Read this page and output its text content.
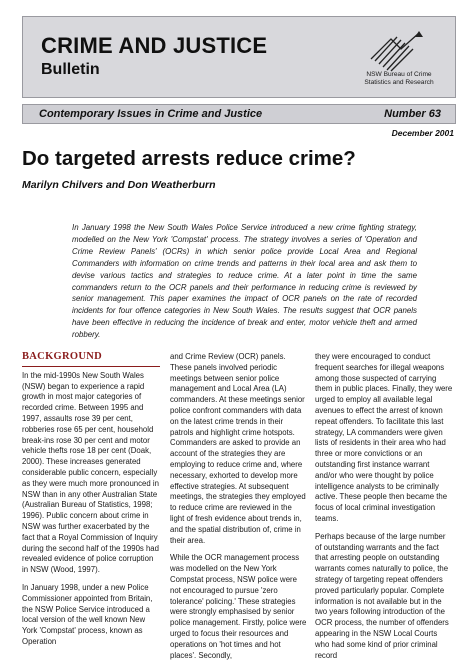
CRIME AND JUSTICE
Bulletin	NSW Bureau of Crime
Statistics and Research
Contemporary Issues in Crime and Justice	Number 63
December 2001
Do targeted arrests reduce crime?
Marilyn Chilvers and Don Weatherburn
In January 1998 the New South Wales Police Service introduced a new crime fighting strategy, modelled on the New York 'Compstat' process. The strategy involves a series of 'Operation and Crime Review Panels' (OCRs) in which senior police provide Local Area and Regional Commanders with information on crime trends and patterns in their local area and ask them to devise various tactics and strategies to reduce crime. At a later point in time the same commanders return to the OCR panels and their performance in reducing crime is reviewed by senior management. This paper examines the impact of OCR panels on the rate of recorded incidents for four offence categories in New South Wales. The results suggest that OCR panels have been effective in reducing the incidence of break and enter, motor vehicle theft and armed robbery.
BACKGROUND

In the mid-1990s New South Wales (NSW) began to experience a rapid growth in most major categories of recorded crime. Between 1995 and 1997, assaults rose 39 per cent, robberies rose 65 per cent, household break-ins rose 30 per cent and motor vehicle thefts rose 18 per cent (Doak, 2000). These increases generated considerable public concern, especially as they were much more pronounced in NSW than in any other Australian State (Australian Bureau of Statistics, 1998; 1996). Public concern about crime in NSW was further exacerbated by the fact that a Royal Commission of Inquiry during the second half of the 1990s had revealed evidence of police corruption in NSW (Wood, 1997).

In January 1998, under a new Police Commissioner appointed from Britain, the NSW Police Service introduced a local version of the well known New York 'Compstat' process, known as Operation

and Crime Review (OCR) panels. These panels involved periodic meetings between senior police management and Local Area (LA) commanders. At these meetings senior police confront commanders with data on the latest crime trends in their patrols and highlight crime hotspots. Commanders are asked to provide an account of the strategies they are employing to reduce crime and, where necessary, exhorted to develop more effective strategies. At subsequent meetings, the strategies they employed to reduce crime are reviewed in the light of fresh evidence about trends in, and the spatial distribution of, crime in their area.

While the OCR management process was modelled on the New York Compstat process, NSW police were not encouraged to pursue 'zero tolerance' policing.' These strategies were strongly emphasised by senior police management. Firstly, police were urged to focus their resources and operations on 'hot times and hot places'. Secondly,

they were encouraged to conduct frequent searches for illegal weapons among those suspected of carrying them in public places. Finally, they were urged to employ all available legal avenues to effect the arrest of known repeat offenders. To facilitate this last strategy, LA commanders were given lists of residents in their area who had three or more convictions or an outstanding first instance warrant and/or who were thought by police intelligence analysts to be criminally active. These people then became the focus of local criminal investigation teams.

Perhaps because of the large number of outstanding warrants and the fact that arresting people on outstanding warrants comes naturally to police, the strategy of targeting repeat offenders proved particularly popular. Complete information is not available but in the two years following introduction of the OCR process, the number of offenders appearing in the NSW Local Courts who had some kind of prior criminal record
